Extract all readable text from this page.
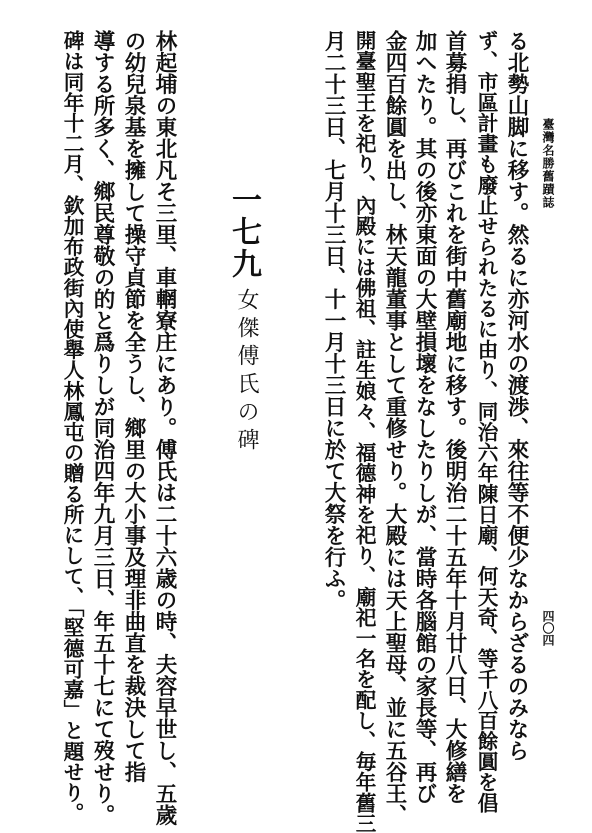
臺灣名勝舊蹟誌
四〇四
る北勢山脚に移す。然るに亦河水の渡渉、來往等不便少なからざるのみなら
ず、市區計畫も廢止せられたるに由り、同治六年陳日廟、何天奇、等千八百餘圓を倡
首募捐し、再びこれを街中舊廟地に移す。後明治二十五年十月廿八日、大修繕を
加へたり。其の後亦東面の大壁損壞をなしたりしが、當時各腦館の家長等、再び
金四百餘圓を出し、林天龍董事として重修せり。大殿には天上聖母、並に五谷王、
開臺聖王を祀り、內殿には佛祖、註生娘々、福德神を祀り、廟祀一名を配し、毎年舊三
月二十三日、七月十三日、十一月十三日に於て大祭を行ふ。
一七九
女傑傅氏の碑
林起埔の東北凡そ三里、車輞寮庄にあり。傅氏は二十六歳の時、夫容早世し、五歲
の幼兒泉基を擁して操守貞節を全うし、鄉里の大小事及理非曲直を裁決して指
導する所多く、鄉民尊敬の的と爲りしが同治四年九月三日、年五十七にて歿せり。
碑は同年十二月、欽加布政街內使舉人林鳳屯の贈る所にして、「堅德可嘉」と題せり。
